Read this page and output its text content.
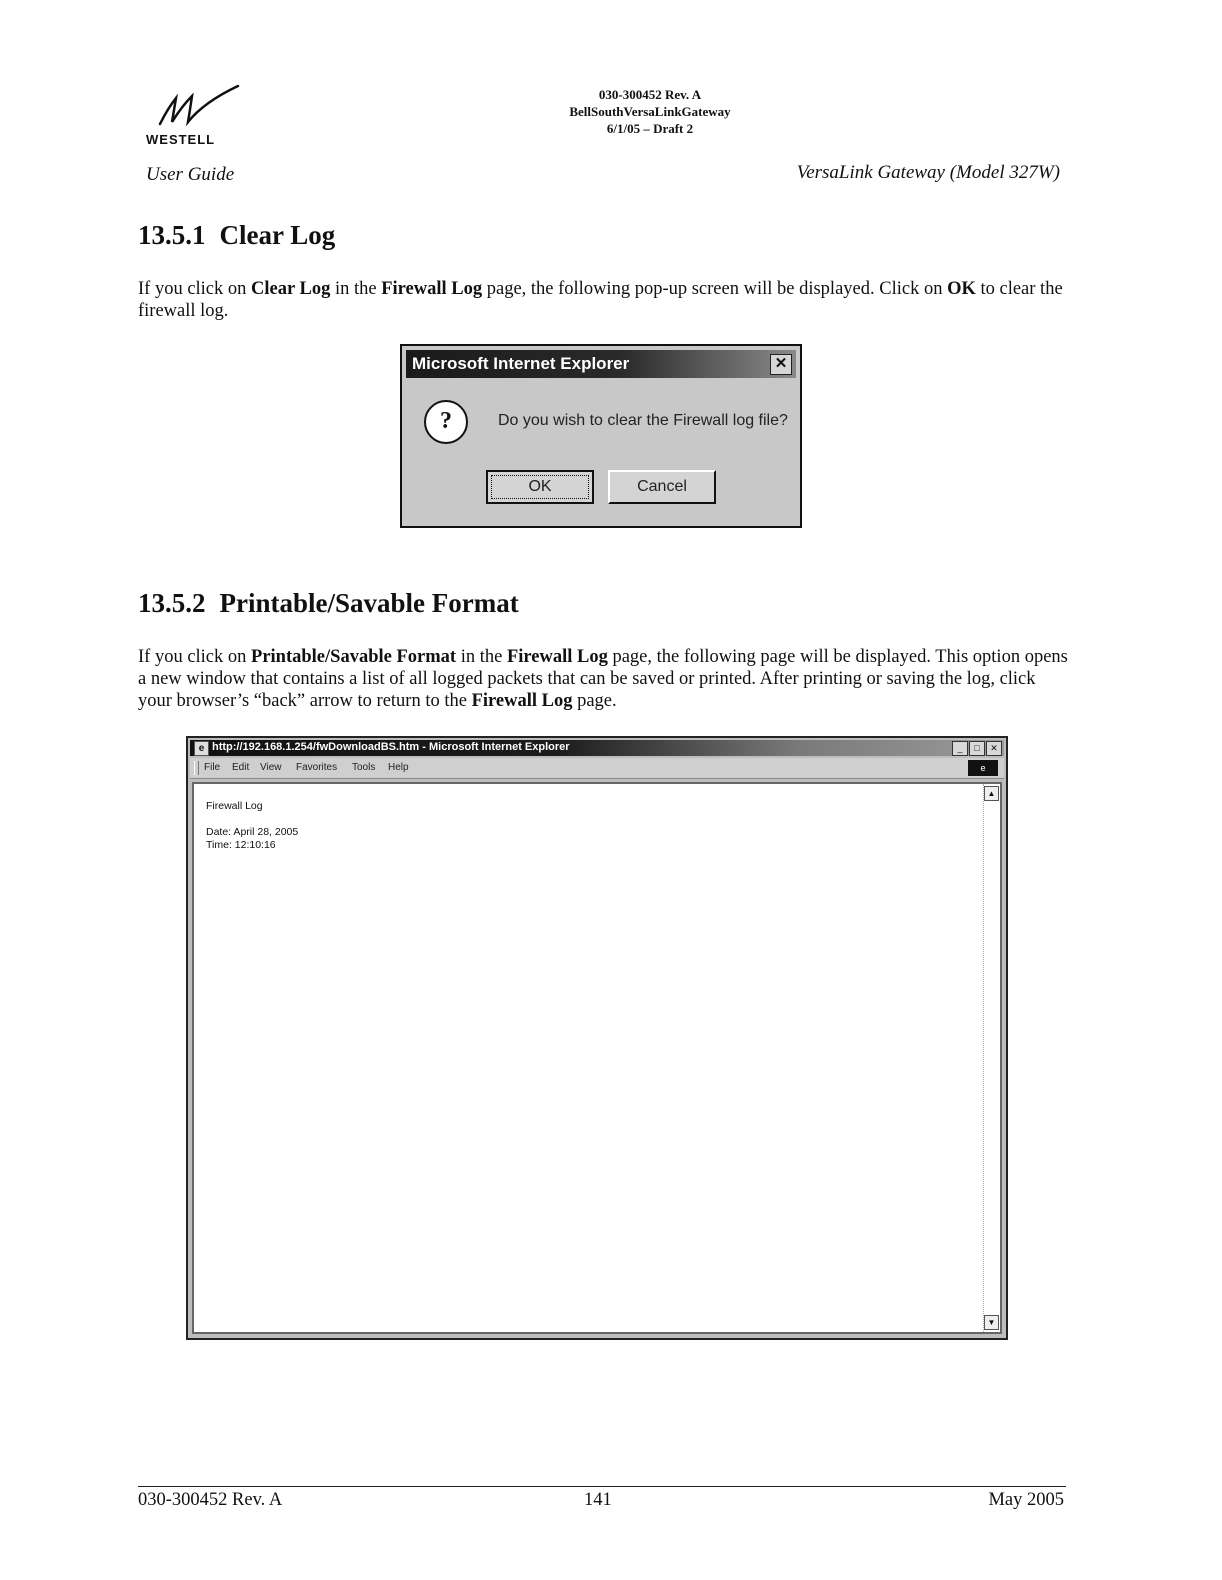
WESTELL
030-300452 Rev. A
BellSouthVersaLinkGateway
6/1/05 – Draft 2
User Guide	VersaLink Gateway (Model 327W)
13.5.1 Clear Log

If you click on Clear Log in the Firewall Log page, the following pop-up screen will be displayed. Click on OK to clear the firewall log.

Microsoft Internet Explorer	✕
?	Do you wish to clear the Firewall log file?
OK	Cancel
13.5.2 Printable/Savable Format

If you click on Printable/Savable Format in the Firewall Log page, the following page will be displayed. This option opens a new window that contains a list of all logged packets that can be saved or printed. After printing or saving the log, click your browser’s “back” arrow to return to the Firewall Log page.

e http://192.168.1.254/fwDownloadBS.htm - Microsoft Internet Explorer	_	□	✕
File Edit View Favorites Tools Help	e
Firewall Log
Date: April 28, 2005
Time: 12:10:16
▲
▼
030-300452 Rev. A	141	May 2005
